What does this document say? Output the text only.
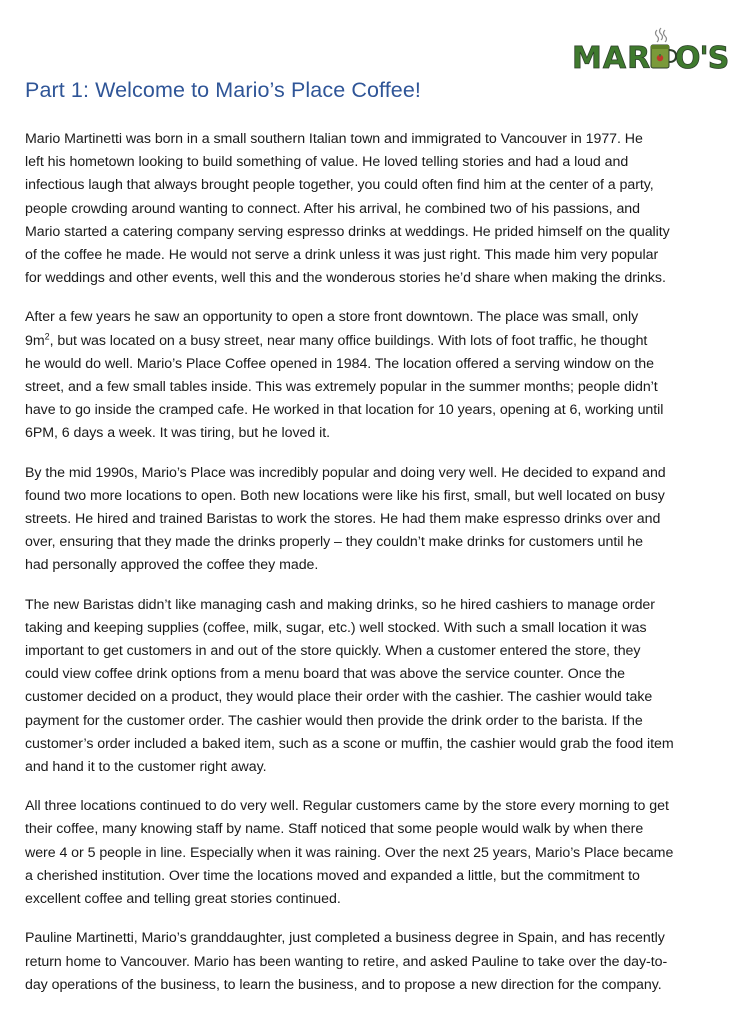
MAR O'S
Part 1: Welcome to Mario’s Place Coffee!

Mario Martinetti was born in a small southern Italian town and immigrated to Vancouver in 1977. He
left his hometown looking to build something of value. He loved telling stories and had a loud and
infectious laugh that always brought people together, you could often find him at the center of a party,
people crowding around wanting to connect. After his arrival, he combined two of his passions, and
Mario started a catering company serving espresso drinks at weddings. He prided himself on the quality
of the coffee he made. He would not serve a drink unless it was just right. This made him very popular
for weddings and other events, well this and the wonderous stories he’d share when making the drinks.

After a few years he saw an opportunity to open a store front downtown. The place was small, only
$9m^2$, but was located on a busy street, near many office buildings. With lots of foot traffic, he thought
he would do well. Mario’s Place Coffee opened in 1984. The location offered a serving window on the
street, and a few small tables inside. This was extremely popular in the summer months; people didn’t
have to go inside the cramped cafe. He worked in that location for 10 years, opening at 6, working until
6PM, 6 days a week. It was tiring, but he loved it.

By the mid 1990s, Mario’s Place was incredibly popular and doing very well. He decided to expand and
found two more locations to open. Both new locations were like his first, small, but well located on busy
streets. He hired and trained Baristas to work the stores. He had them make espresso drinks over and
over, ensuring that they made the drinks properly – they couldn’t make drinks for customers until he
had personally approved the coffee they made.

The new Baristas didn’t like managing cash and making drinks, so he hired cashiers to manage order
taking and keeping supplies (coffee, milk, sugar, etc.) well stocked. With such a small location it was
important to get customers in and out of the store quickly. When a customer entered the store, they
could view coffee drink options from a menu board that was above the service counter. Once the
customer decided on a product, they would place their order with the cashier. The cashier would take
payment for the customer order. The cashier would then provide the drink order to the barista. If the
customer’s order included a baked item, such as a scone or muffin, the cashier would grab the food item
and hand it to the customer right away.

All three locations continued to do very well. Regular customers came by the store every morning to get
their coffee, many knowing staff by name. Staff noticed that some people would walk by when there
were 4 or 5 people in line. Especially when it was raining. Over the next 25 years, Mario’s Place became
a cherished institution. Over time the locations moved and expanded a little, but the commitment to
excellent coffee and telling great stories continued.

Pauline Martinetti, Mario’s granddaughter, just completed a business degree in Spain, and has recently
return home to Vancouver. Mario has been wanting to retire, and asked Pauline to take over the day-to-
day operations of the business, to learn the business, and to propose a new direction for the company.
